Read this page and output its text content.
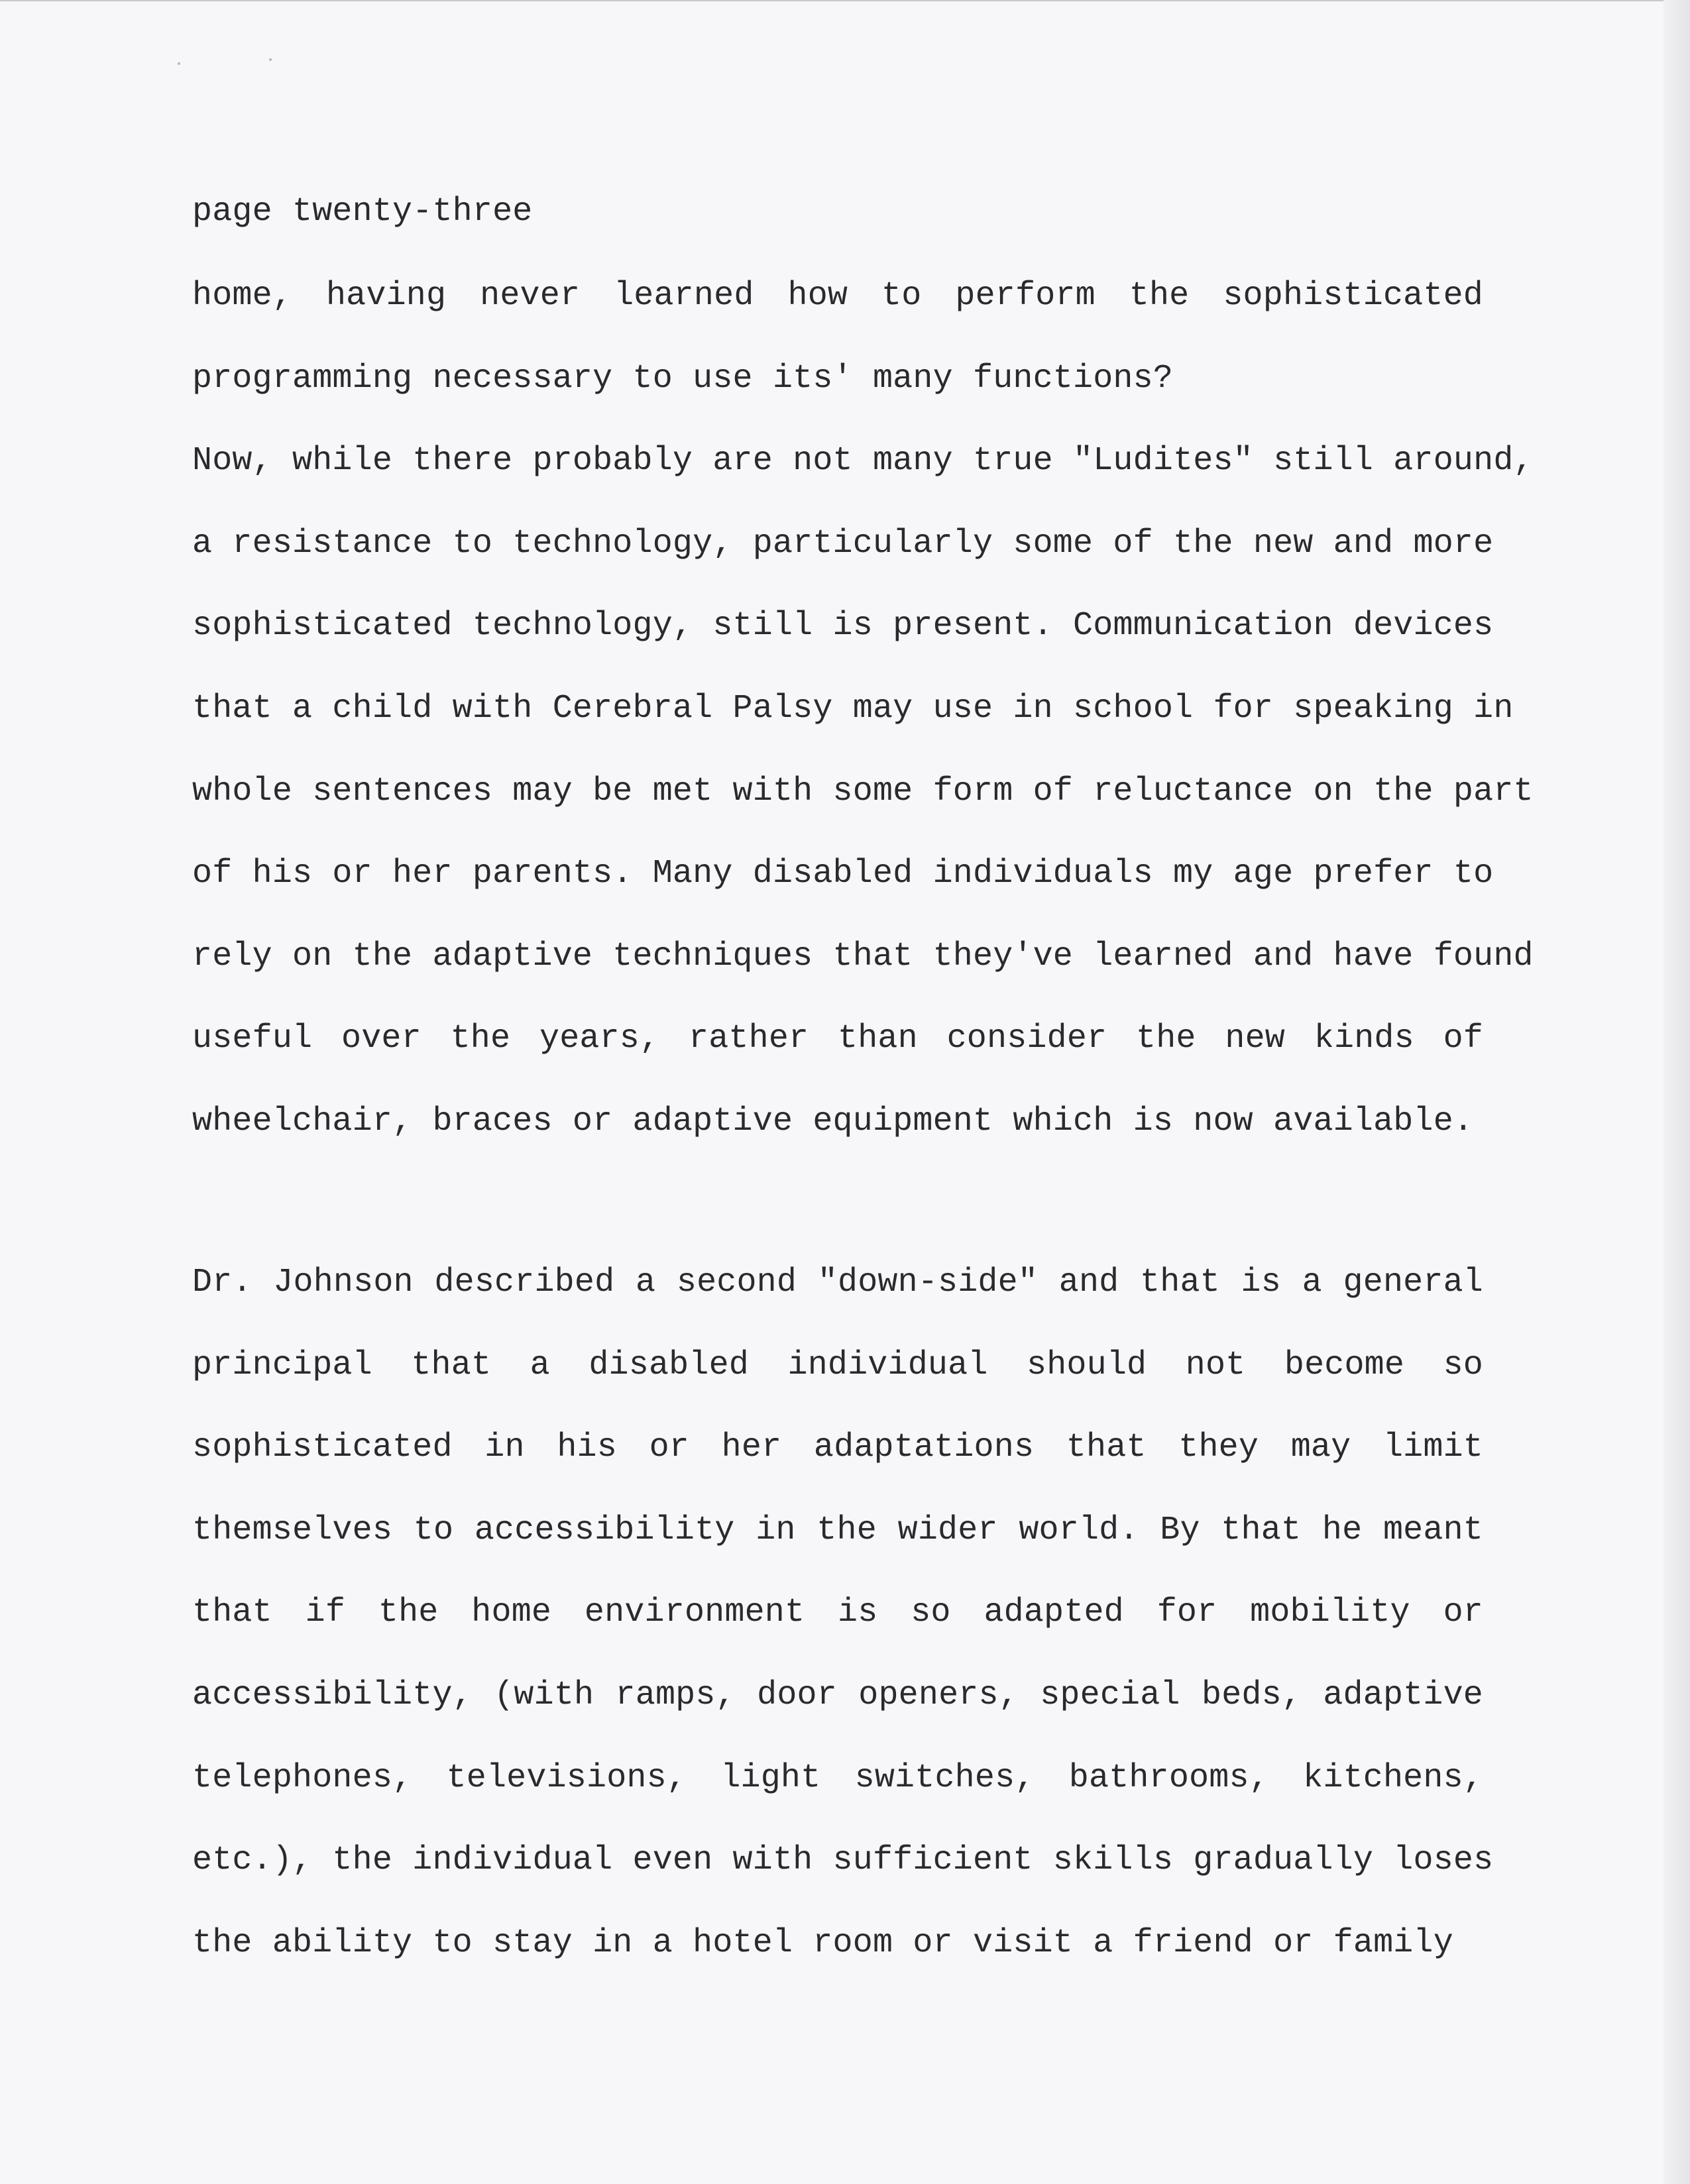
page twenty-three
home, having never learned how to perform the sophisticated
programming necessary to use its' many functions?
Now, while there probably are not many true "Ludites" still around,
a resistance to technology, particularly some of the new and more
sophisticated technology, still is present. Communication devices
that a child with Cerebral Palsy may use in school for speaking in
whole sentences may be met with some form of reluctance on the part
of his or her parents. Many disabled individuals my age prefer to
rely on the adaptive techniques that they've learned and have found
useful over the years, rather than consider the new kinds of
wheelchair, braces or adaptive equipment which is now available.
Dr. Johnson described a second "down-side" and that is a general
principal that a disabled individual should not become so
sophisticated in his or her adaptations that they may limit
themselves to accessibility in the wider world. By that he meant
that if the home environment is so adapted for mobility or
accessibility, (with ramps, door openers, special beds, adaptive
telephones, televisions, light switches, bathrooms, kitchens,
etc.), the individual even with sufficient skills gradually loses
the ability to stay in a hotel room or visit a friend or family
